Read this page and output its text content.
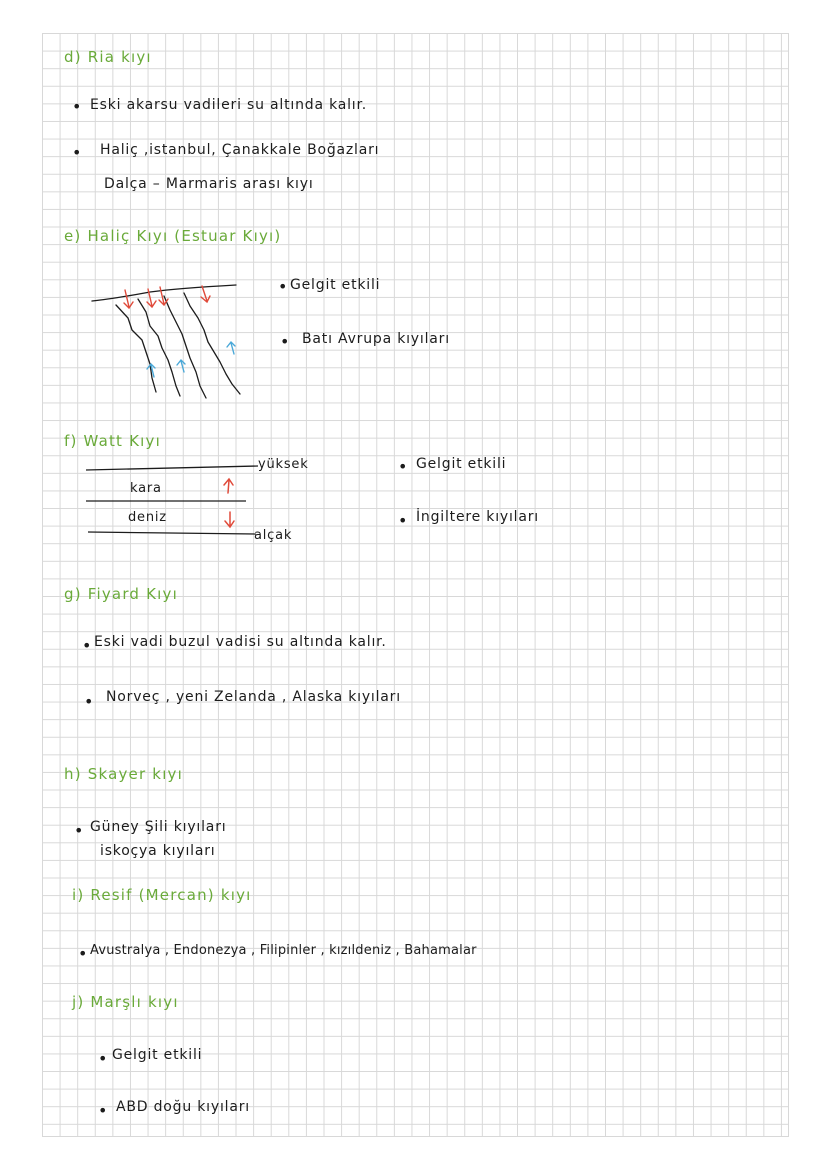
d) Ria kıyı
• Eski akarsu vadileri su altında kalır.
• Haliç ,istanbul, Çanakkale Boğazları
Dalça – Marmaris arası kıyı
e) Haliç Kıyı (Estuar Kıyı)
• Gelgit etkili
• Batı Avrupa kıyıları
f) Watt Kıyı
yüksek
kara
deniz
alçak
• Gelgit etkili
• İngiltere kıyıları
g) Fiyard Kıyı
• Eski vadi buzul vadisi su altında kalır.
• Norveç , yeni Zelanda , Alaska kıyıları
h) Skayer kıyı
• Güney Şili kıyıları
iskoçya kıyıları
i) Resif (Mercan) kıyı
• Avustralya , Endonezya , Filipinler , kızıldeniz , Bahamalar
j) Marşlı kıyı
• Gelgit etkili
• ABD doğu kıyıları
